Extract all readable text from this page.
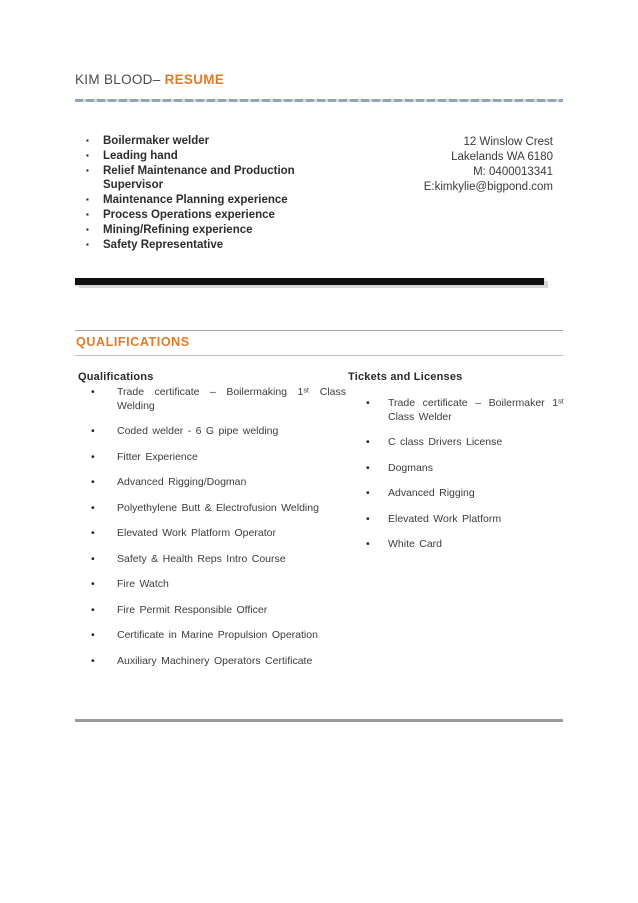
KIM BLOOD– RESUME
▪	Boilermaker welder
▪	Leading hand
▪	Relief Maintenance and Production Supervisor
▪	Maintenance Planning experience
▪	Process Operations experience
▪	Mining/Refining experience
▪	Safety Representative
12 Winslow Crest
Lakelands WA 6180
M: 0400013341
E:kimkylie@bigpond.com
QUALIFICATIONS
Qualifications
•	Trade certificate – Boilermaking 1ˢᵗ Class Welding
•	Coded welder - 6 G pipe welding
•	Fitter Experience
•	Advanced Rigging/Dogman
•	Polyethylene Butt & Electrofusion Welding
•	Elevated Work Platform Operator
•	Safety & Health Reps Intro Course
•	Fire Watch
•	Fire Permit Responsible Officer
•	Certificate in Marine Propulsion Operation
•	Auxiliary Machinery Operators Certificate
Tickets and Licenses
•	Trade certificate – Boilermaker 1ˢᵗ Class Welder
•	C class Drivers License
•	Dogmans
•	Advanced Rigging
•	Elevated Work Platform
•	White Card
